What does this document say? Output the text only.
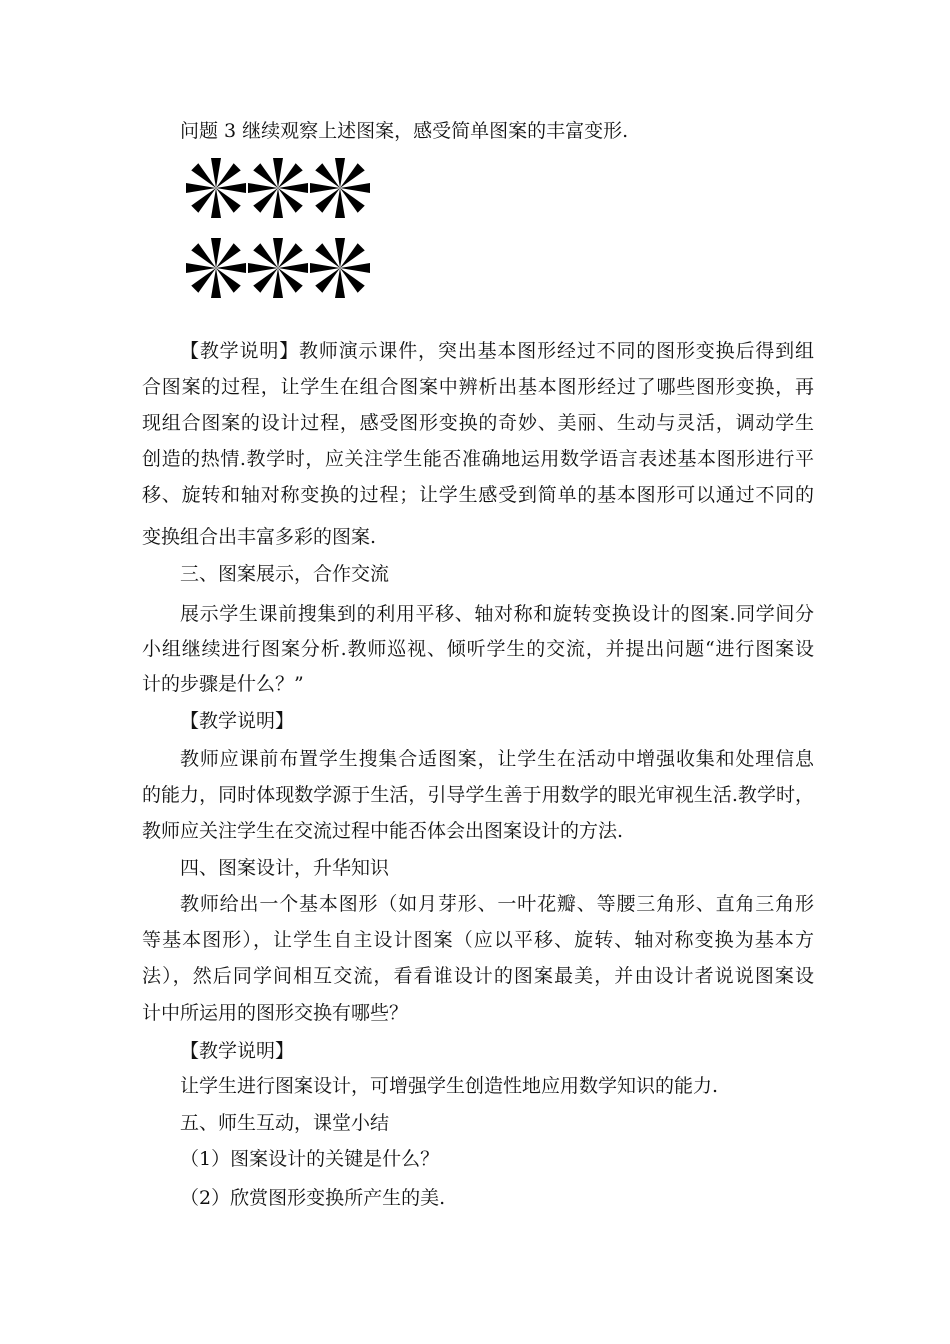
问题 3 继续观察上述图案，感受简单图案的丰富变形.
【教学说明】教师演示课件，突出基本图形经过不同的图形变换后得到组
合图案的过程，让学生在组合图案中辨析出基本图形经过了哪些图形变换，再
现组合图案的设计过程，感受图形变换的奇妙、美丽、生动与灵活，调动学生
创造的热情.教学时，应关注学生能否准确地运用数学语言表述基本图形进行平
移、旋转和轴对称变换的过程；让学生感受到简单的基本图形可以通过不同的
变换组合出丰富多彩的图案.
三、图案展示，合作交流
展示学生课前搜集到的利用平移、轴对称和旋转变换设计的图案.同学间分
小组继续进行图案分析.教师巡视、倾听学生的交流，并提出问题“进行图案设
计的步骤是什么？”
【教学说明】
教师应课前布置学生搜集合适图案，让学生在活动中增强收集和处理信息
的能力，同时体现数学源于生活，引导学生善于用数学的眼光审视生活.教学时，
教师应关注学生在交流过程中能否体会出图案设计的方法.
四、图案设计，升华知识
教师给出一个基本图形（如月芽形、一叶花瓣、等腰三角形、直角三角形
等基本图形），让学生自主设计图案（应以平移、旋转、轴对称变换为基本方
法），然后同学间相互交流，看看谁设计的图案最美，并由设计者说说图案设
计中所运用的图形交换有哪些？
【教学说明】
让学生进行图案设计，可增强学生创造性地应用数学知识的能力.
五、师生互动，课堂小结
（1）图案设计的关键是什么？
（2）欣赏图形变换所产生的美.
